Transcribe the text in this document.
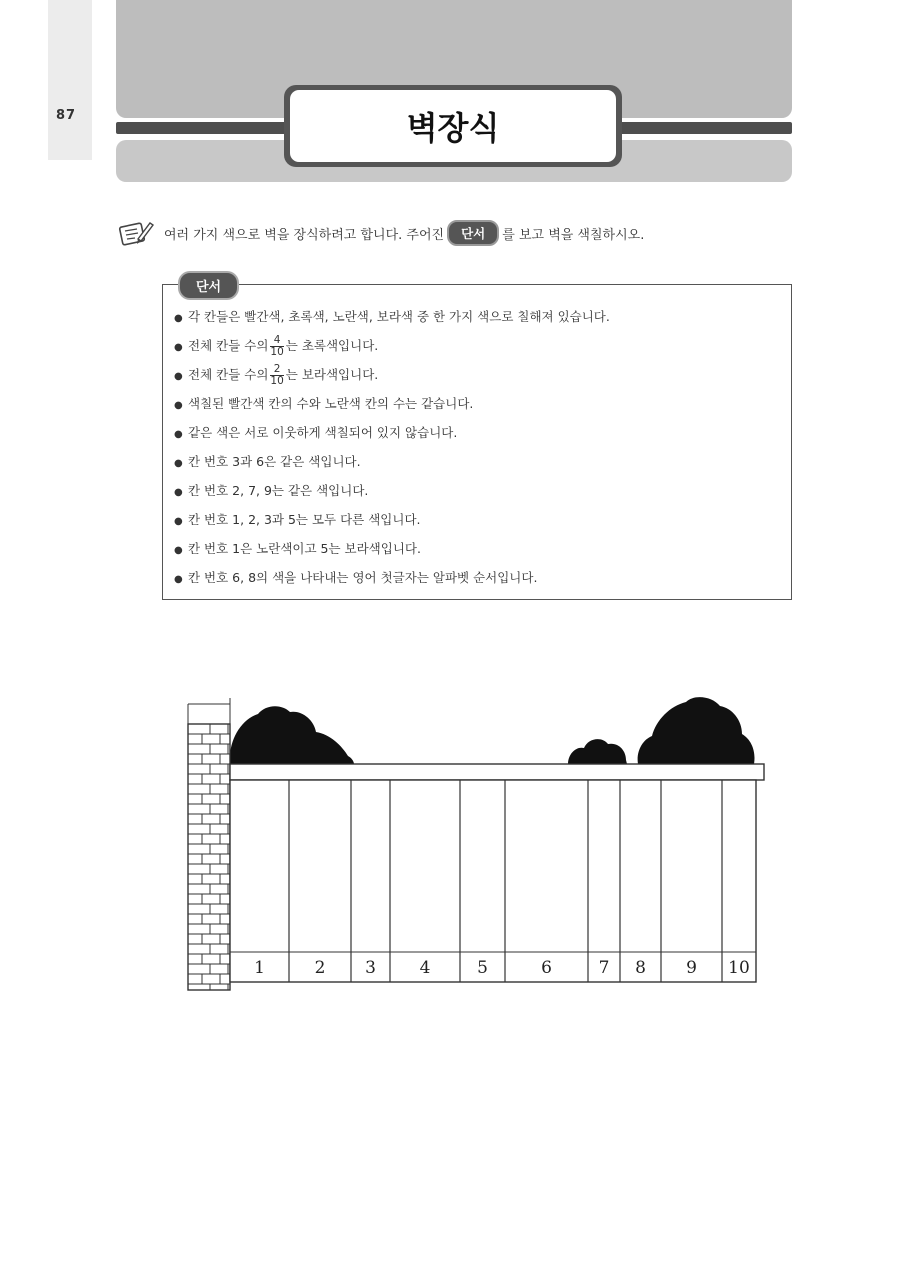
87	벽장식
여러 가지 색으로 벽을 장식하려고 합니다. 주어진	단서	를 보고 벽을 색칠하시오.
단서
● 각 칸들은 빨간색, 초록색, 노란색, 보라색 중 한 가지 색으로 칠해져 있습니다.
● 전체 칸들 수의 $\frac{4}{10}$ 는 초록색입니다.
● 전체 칸들 수의 $\frac{2}{10}$ 는 보라색입니다.
● 색칠된 빨간색 칸의 수와 노란색 칸의 수는 같습니다.
● 같은 색은 서로 이웃하게 색칠되어 있지 않습니다.
● 칸 번호 3과 6은 같은 색입니다.
● 칸 번호 2, 7, 9는 같은 색입니다.
● 칸 번호 1, 2, 3과 5는 모두 다른 색입니다.
● 칸 번호 1은 노란색이고 5는 보라색입니다.
● 칸 번호 6, 8의 색을 나타내는 영어 첫글자는 알파벳 순서입니다.
1	2 3	4	5	6	7 8 9 10
